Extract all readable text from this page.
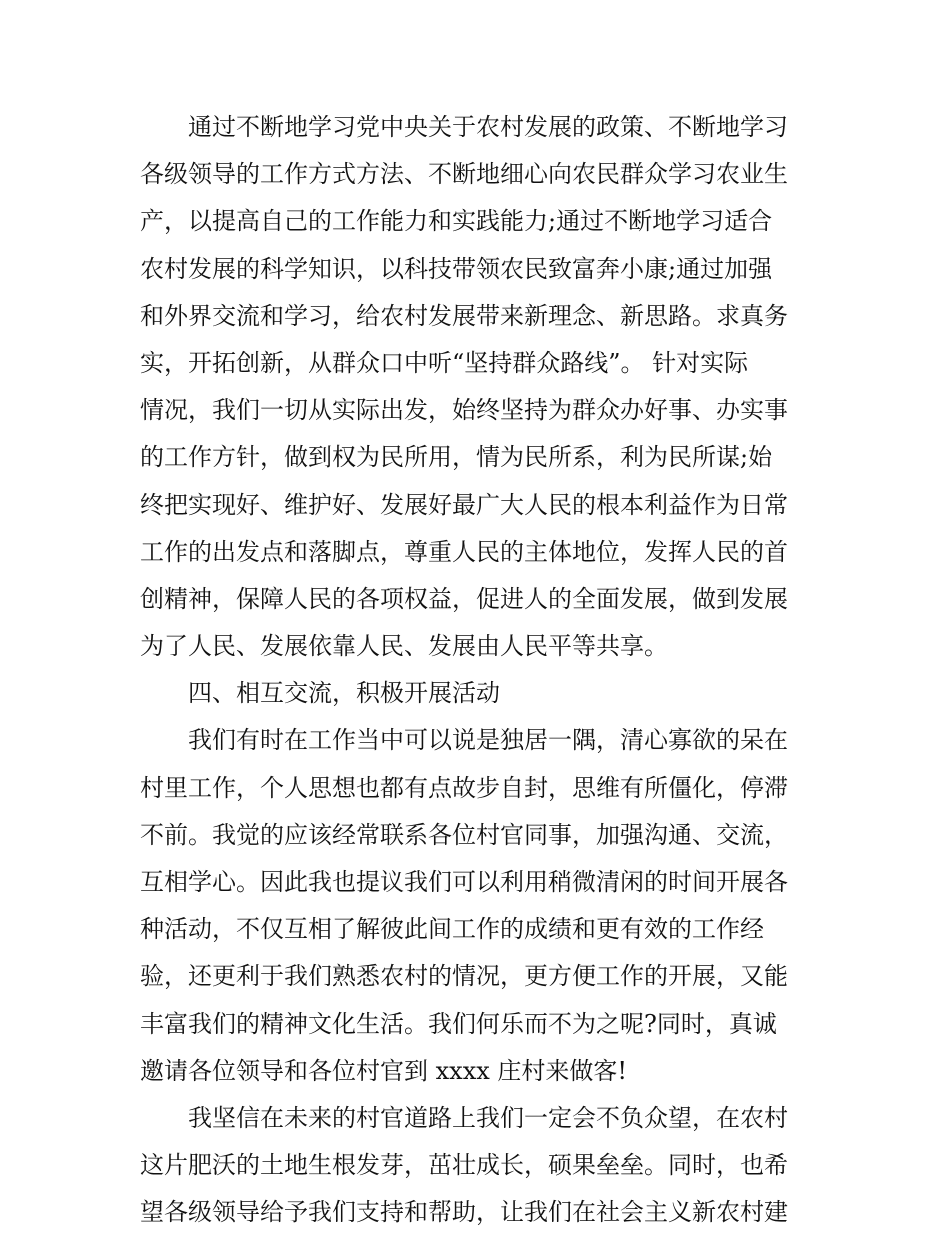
通过不断地学习党中央关于农村发展的政策、不断地学习
各级领导的工作方式方法、不断地细心向农民群众学习农业生
产，以提高自己的工作能力和实践能力;通过不断地学习适合
农村发展的科学知识，以科技带领农民致富奔小康;通过加强
和外界交流和学习，给农村发展带来新理念、新思路。求真务
实，开拓创新，从群众口中听“坚持群众路线”。 针对实际
情况，我们一切从实际出发，始终坚持为群众办好事、办实事
的工作方针，做到权为民所用，情为民所系，利为民所谋;始
终把实现好、维护好、发展好最广大人民的根本利益作为日常
工作的出发点和落脚点，尊重人民的主体地位，发挥人民的首
创精神，保障人民的各项权益，促进人的全面发展，做到发展
为了人民、发展依靠人民、发展由人民平等共享。
四、相互交流，积极开展活动
我们有时在工作当中可以说是独居一隅，清心寡欲的呆在
村里工作，个人思想也都有点故步自封，思维有所僵化，停滞
不前。我觉的应该经常联系各位村官同事，加强沟通、交流，
互相学心。因此我也提议我们可以利用稍微清闲的时间开展各
种活动，不仅互相了解彼此间工作的成绩和更有效的工作经
验，还更利于我们熟悉农村的情况，更方便工作的开展，又能
丰富我们的精神文化生活。我们何乐而不为之呢?同时，真诚
邀请各位领导和各位村官到 xxxx 庄村来做客!
我坚信在未来的村官道路上我们一定会不负众望，在农村
这片肥沃的土地生根发芽，茁壮成长，硕果垒垒。同时，也希
望各级领导给予我们支持和帮助，让我们在社会主义新农村建
